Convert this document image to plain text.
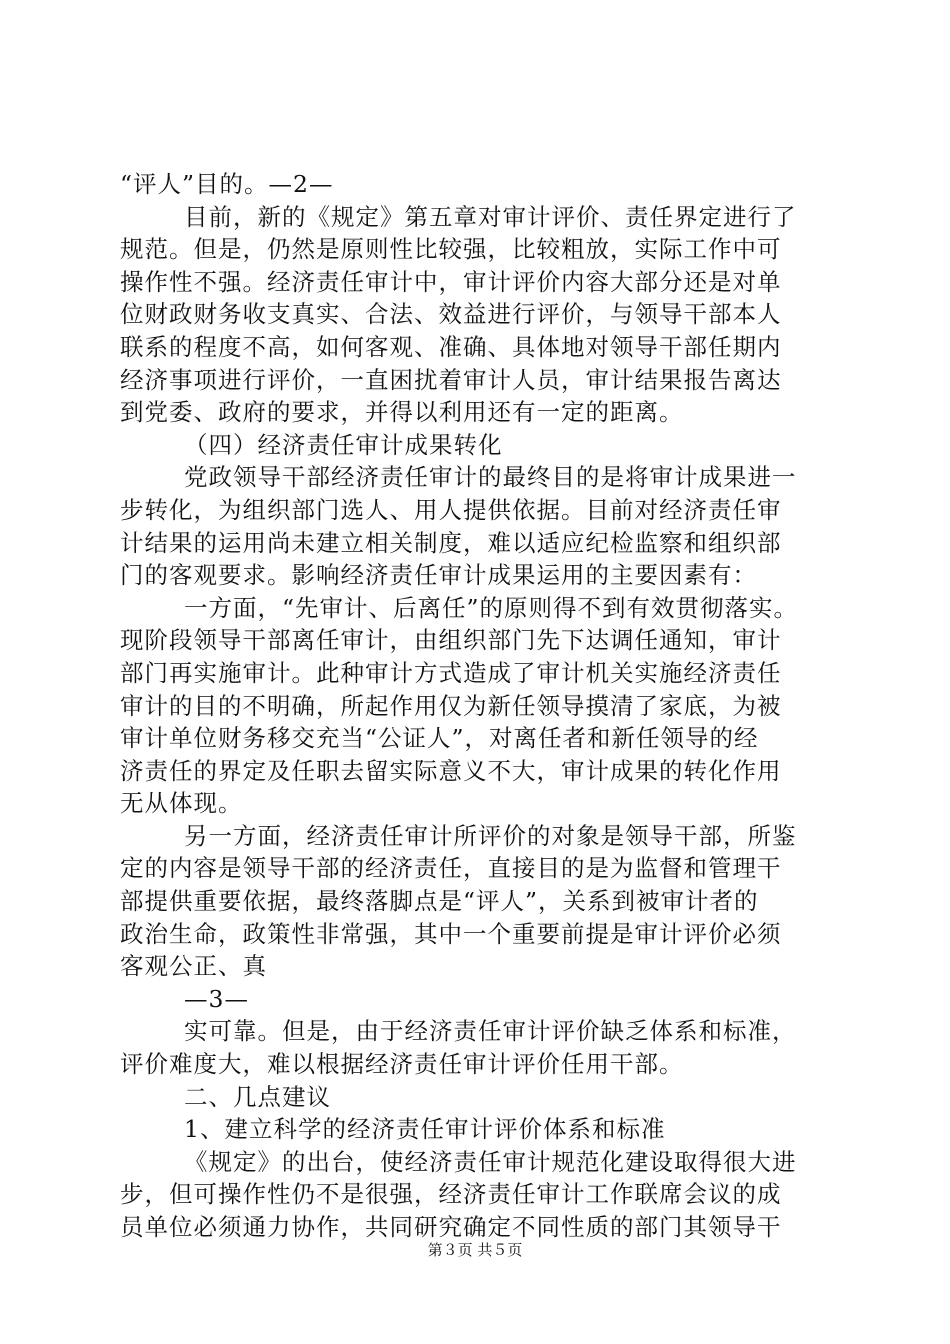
“评人”目的。—2—
目前，新的《规定》第五章对审计评价、责任界定进行了
规范。但是，仍然是原则性比较强，比较粗放，实际工作中可
操作性不强。经济责任审计中，审计评价内容大部分还是对单
位财政财务收支真实、合法、效益进行评价，与领导干部本人
联系的程度不高，如何客观、准确、具体地对领导干部任期内
经济事项进行评价，一直困扰着审计人员，审计结果报告离达
到党委、政府的要求，并得以利用还有一定的距离。
（四）经济责任审计成果转化
党政领导干部经济责任审计的最终目的是将审计成果进一
步转化，为组织部门选人、用人提供依据。目前对经济责任审
计结果的运用尚未建立相关制度，难以适应纪检监察和组织部
门的客观要求。影响经济责任审计成果运用的主要因素有：
一方面，“先审计、后离任”的原则得不到有效贯彻落实。
现阶段领导干部离任审计，由组织部门先下达调任通知，审计
部门再实施审计。此种审计方式造成了审计机关实施经济责任
审计的目的不明确，所起作用仅为新任领导摸清了家底，为被
审计单位财务移交充当“公证人”，对离任者和新任领导的经
济责任的界定及任职去留实际意义不大，审计成果的转化作用
无从体现。
另一方面，经济责任审计所评价的对象是领导干部，所鉴
定的内容是领导干部的经济责任，直接目的是为监督和管理干
部提供重要依据，最终落脚点是“评人”，关系到被审计者的
政治生命，政策性非常强，其中一个重要前提是审计评价必须
客观公正、真
—3—
实可靠。但是，由于经济责任审计评价缺乏体系和标准，
评价难度大，难以根据经济责任审计评价任用干部。
二、几点建议
1、建立科学的经济责任审计评价体系和标准
《规定》的出台，使经济责任审计规范化建设取得很大进
步，但可操作性仍不是很强，经济责任审计工作联席会议的成
员单位必须通力协作，共同研究确定不同性质的部门其领导干
第３页 共５页
